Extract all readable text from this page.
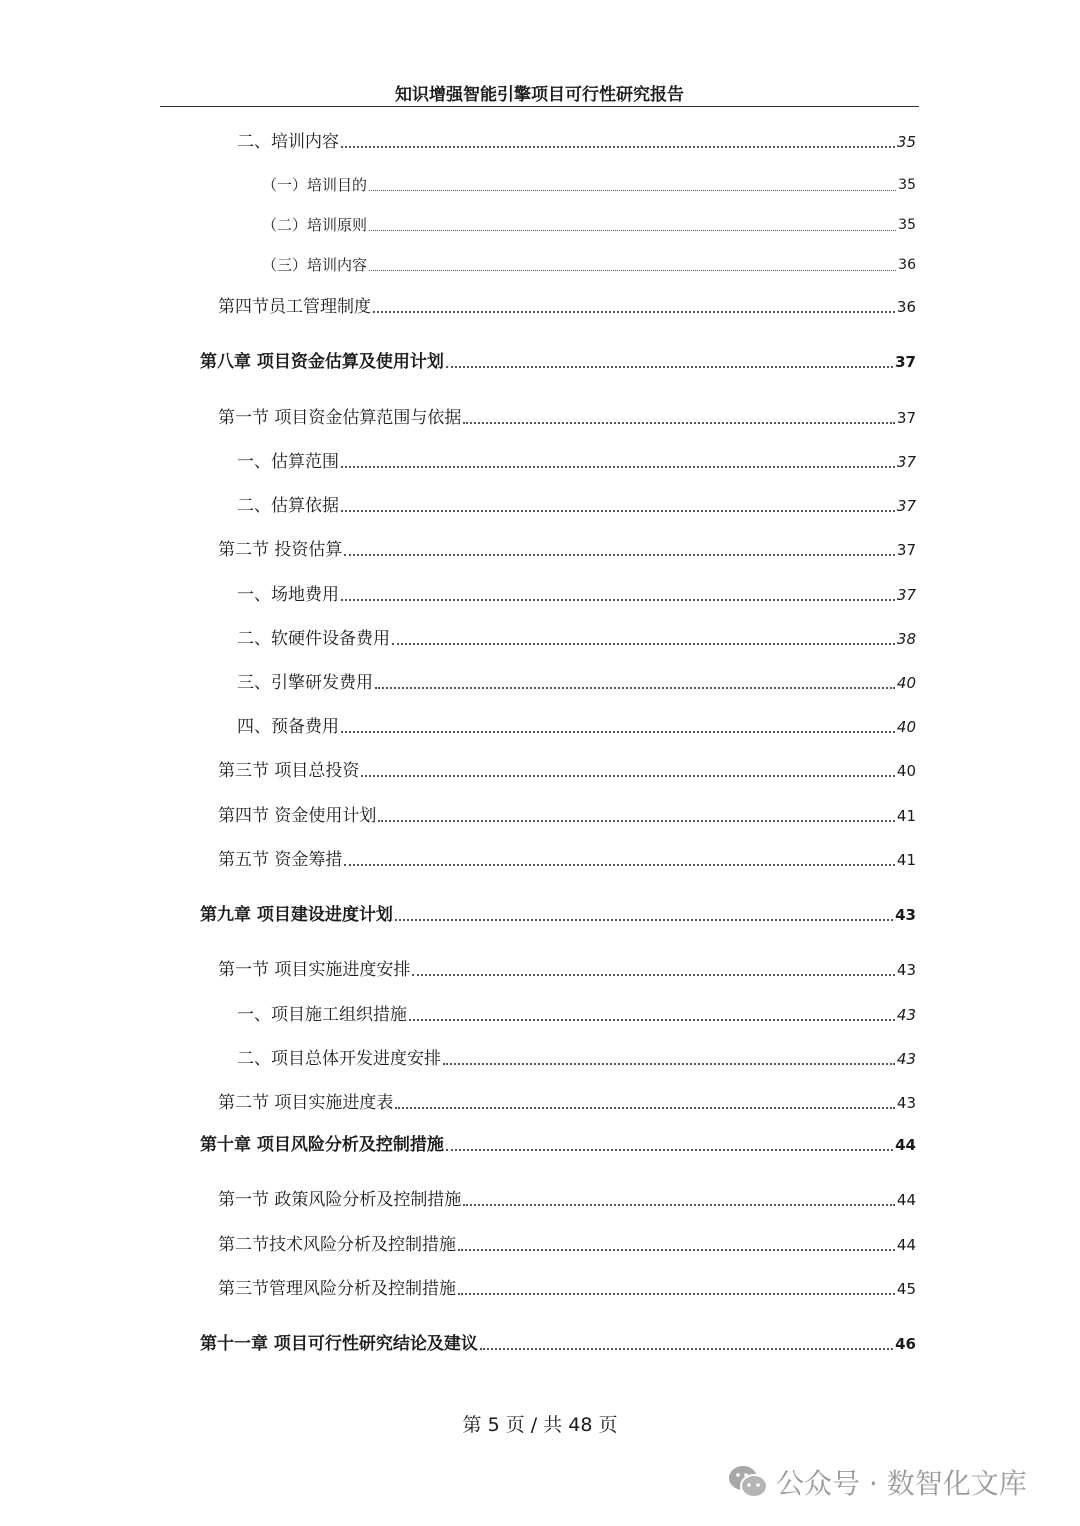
知识增强智能引擎项目可行性研究报告
二、培训内容	35
（一）培训目的	35
（二）培训原则	35
（三）培训内容	36
第四节员工管理制度	36
第八章 项目资金估算及使用计划	37
第一节 项目资金估算范围与依据	37
一、估算范围	37
二、估算依据	37
第二节 投资估算	37
一、场地费用	37
二、软硬件设备费用	38
三、引擎研发费用	40
四、预备费用	40
第三节 项目总投资	40
第四节 资金使用计划	41
第五节 资金筹措	41
第九章 项目建设进度计划	43
第一节 项目实施进度安排	43
一、项目施工组织措施	43
二、项目总体开发进度安排	43
第二节 项目实施进度表	43
第十章 项目风险分析及控制措施	44
第一节 政策风险分析及控制措施	44
第二节技术风险分析及控制措施	44
第三节管理风险分析及控制措施	45
第十一章 项目可行性研究结论及建议	46
第 5 页 / 共 48 页
公众号 · 数智化文库
